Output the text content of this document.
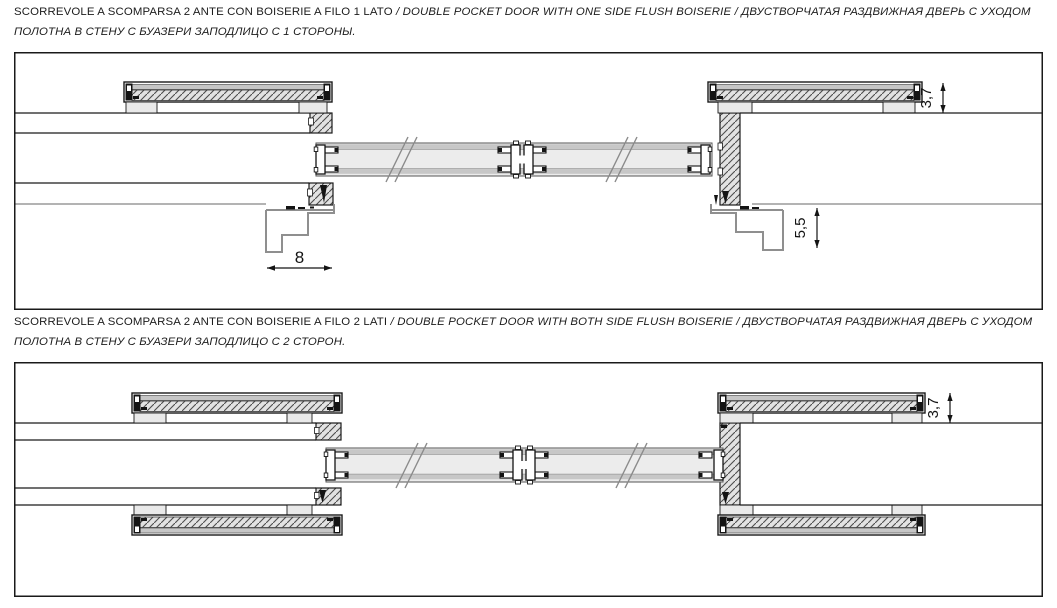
SCORREVOLE A SCOMPARSA 2 ANTE CON BOISERIE A FILO 1 LATO / DOUBLE POCKET DOOR WITH ONE SIDE FLUSH BOISERIE / ДВУСТВОРЧАТАЯ РАЗДВИЖНАЯ ДВЕРЬ С УХОДОМ ПОЛОТНА В СТЕНУ С БУАЗЕРИ ЗАПОДЛИЦО С 1 СТОРОНЫ.

8
5,5
3,7

SCORREVOLE A SCOMPARSA 2 ANTE CON BOISERIE A FILO 2 LATI / DOUBLE POCKET DOOR WITH BOTH SIDE FLUSH BOISERIE / ДВУСТВОРЧАТАЯ РАЗДВИЖНАЯ ДВЕРЬ С УХОДОМ ПОЛОТНА В СТЕНУ С БУАЗЕРИ ЗАПОДЛИЦО С 2 СТОРОН.

3,7
